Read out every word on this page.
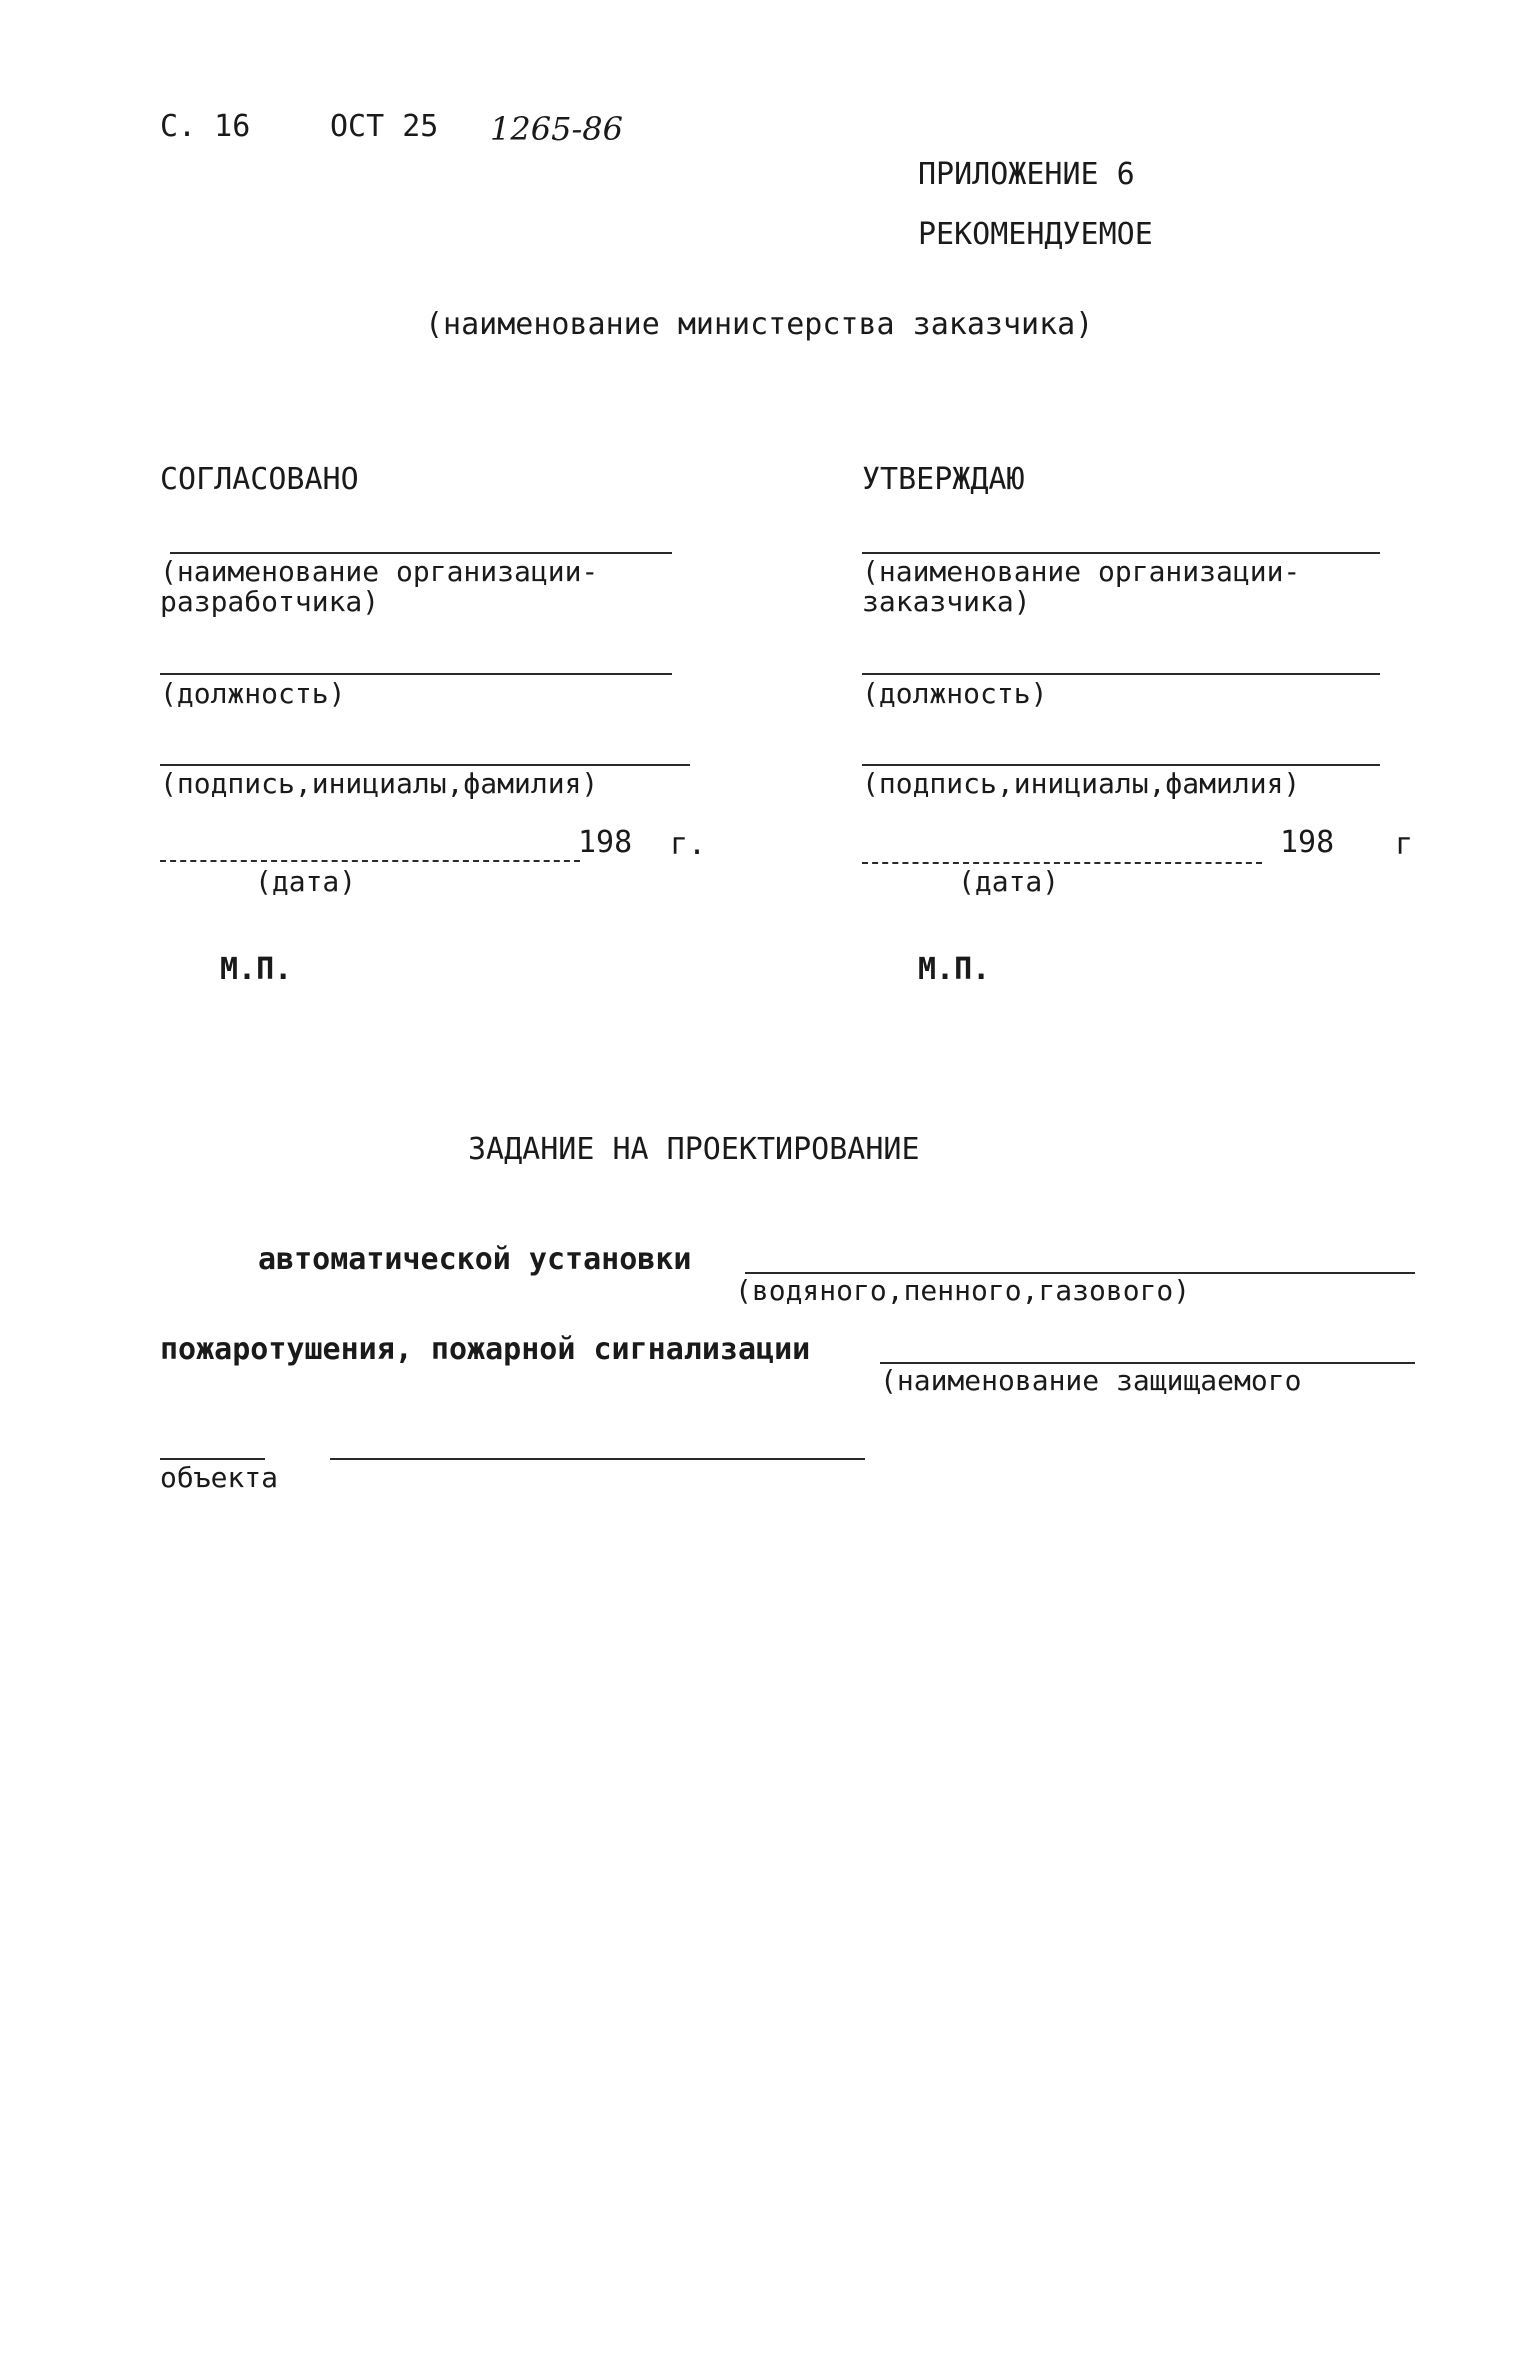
С. 16	ОСТ 25 1265-86
ПРИЛОЖЕНИЕ 6
РЕКОМЕНДУЕМОЕ
(наименование министерства заказчика)
СОГЛАСОВАНО
(наименование организации-
разработчика)
(должность)
(подпись,инициалы,фамилия)
198 г.
(дата)
М.П.
УТВЕРЖДАЮ
(наименование организации-
заказчика)
(должность)
(подпись,инициалы,фамилия)
198 г
(дата)
М.П.
ЗАДАНИЕ НА ПРОЕКТИРОВАНИЕ
автоматической установки
(водяного,пенного,газового)
пожаротушения, пожарной сигнализации
(наименование защищаемого
объекта
